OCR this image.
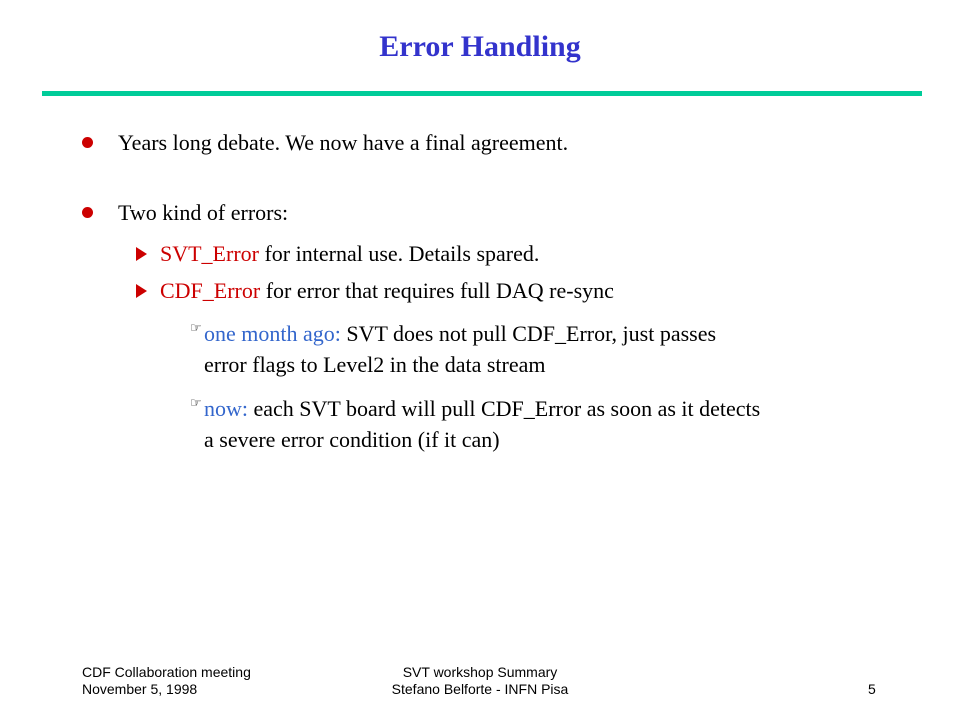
Error Handling
Years long debate. We now have a final agreement.
Two kind of errors:
SVT_Error for internal use. Details spared.
CDF_Error for error that requires full DAQ re-sync
☞ one month ago: SVT does not pull CDF_Error, just passes
error flags to Level2 in the data stream
☞ now: each SVT board will pull CDF_Error as soon as it detects
a severe error condition (if it can)
CDF Collaboration meeting
November 5, 1998
SVT workshop Summary
Stefano Belforte - INFN Pisa	5
